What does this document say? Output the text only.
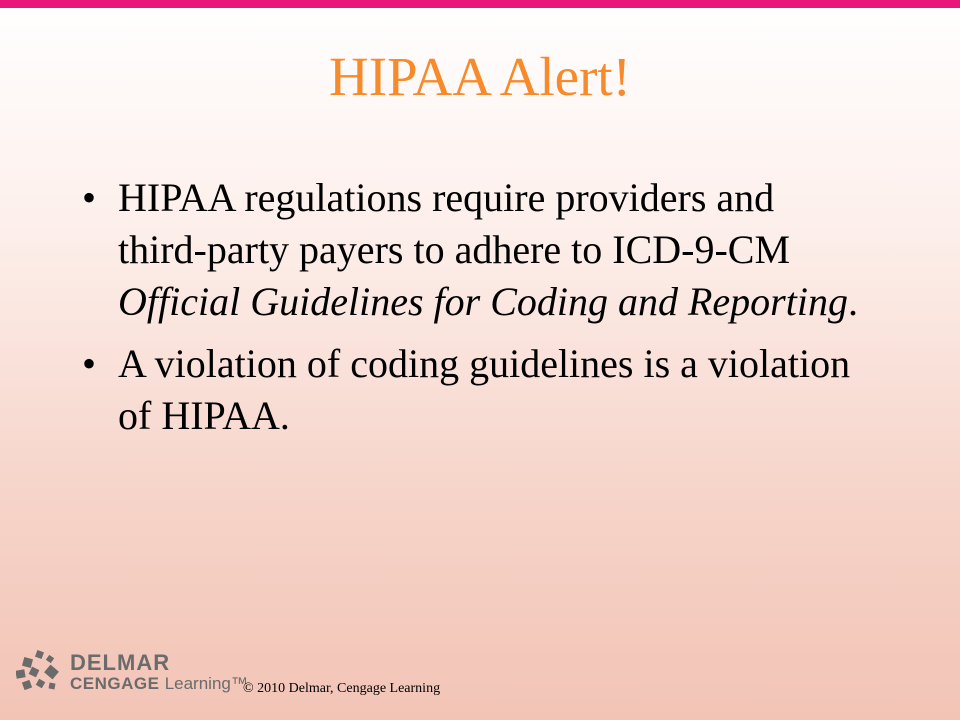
HIPAA Alert!
• HIPAA regulations require providers and third-party payers to adhere to ICD-9-CM Official Guidelines for Coding and Reporting.
• A violation of coding guidelines is a violation of HIPAA.
DELMAR
CENGAGE Learning™
© 2010 Delmar, Cengage Learning
